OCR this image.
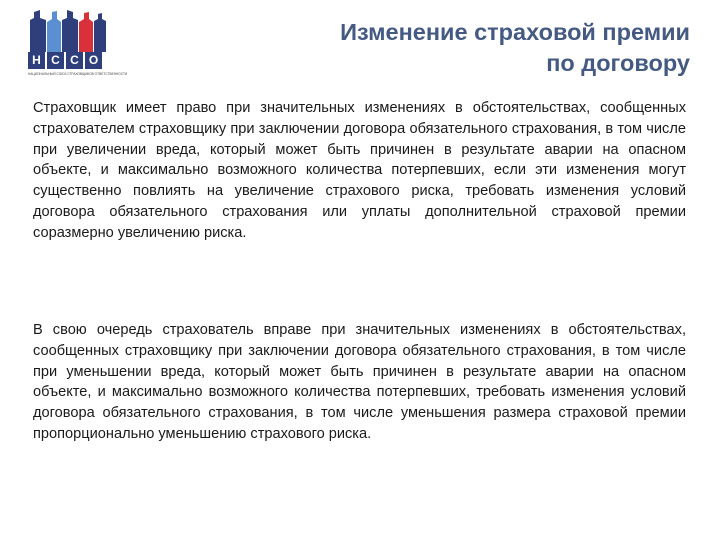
Н С С О
НАЦИОНАЛЬНЫЙ СОЮЗ СТРАХОВЩИКОВ ОТВЕТСТВЕННОСТИ
Изменение страховой премии
по договору

Страховщик имеет право при значительных изменениях в обстоятельствах, сообщенных страхователем страховщику при заключении договора обязательного страхования, в том числе при увеличении вреда, который может быть причинен в результате аварии на опасном объекте, и максимально возможного количества потерпевших, если эти изменения могут существенно повлиять на увеличение страхового риска, требовать изменения условий договора обязательного страхования или уплаты дополнительной страховой премии соразмерно увеличению риска.

В свою очередь страхователь вправе при значительных изменениях в обстоятельствах, сообщенных страховщику при заключении договора обязательного страхования, в том числе при уменьшении вреда, который может быть причинен в результате аварии на опасном объекте, и максимально возможного количества потерпевших, требовать изменения условий договора обязательного страхования, в том числе уменьшения размера страховой премии пропорционально уменьшению страхового риска.
